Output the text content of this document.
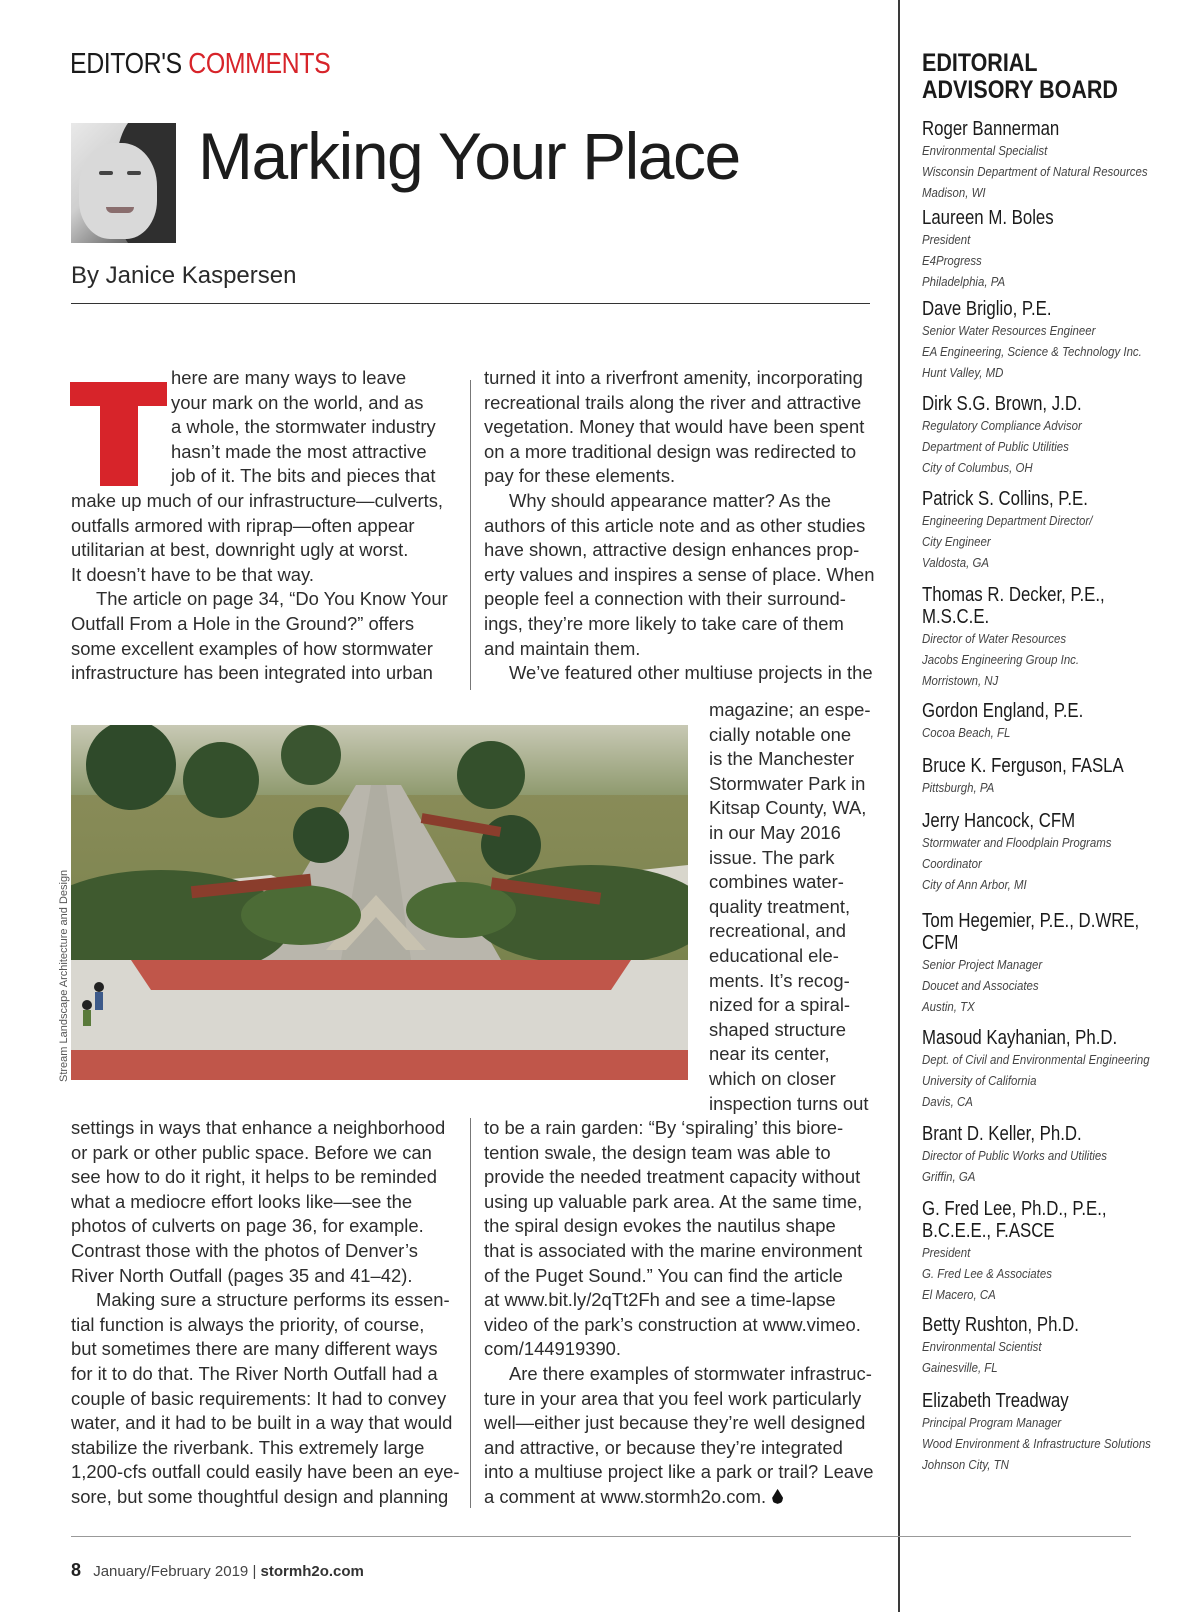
EDITOR'S COMMENTS
Marking Your Place
By Janice Kaspersen
here are many ways to leave
your mark on the world, and as
a whole, the stormwater industry
hasn’t made the most attractive
job of it. The bits and pieces that
make up much of our infrastructure—culverts,
outfalls armored with riprap—often appear
utilitarian at best, downright ugly at worst.
It doesn’t have to be that way.
The article on page 34, “Do You Know Your
Outfall From a Hole in the Ground?” offers
some excellent examples of how stormwater
infrastructure has been integrated into urban
turned it into a riverfront amenity, incorporating
recreational trails along the river and attractive
vegetation. Money that would have been spent
on a more traditional design was redirected to
pay for these elements.
Why should appearance matter? As the
authors of this article note and as other studies
have shown, attractive design enhances prop-
erty values and inspires a sense of place. When
people feel a connection with their surround-
ings, they’re more likely to take care of them
and maintain them.
We’ve featured other multiuse projects in the
magazine; an espe-
cially notable one
is the Manchester
Stormwater Park in
Kitsap County, WA,
in our May 2016
issue. The park
combines water-
quality treatment,
recreational, and
educational ele-
ments. It’s recog-
nized for a spiral-
shaped structure
near its center,
which on closer
inspection turns out
Stream Landscape Architecture and Design
settings in ways that enhance a neighborhood
or park or other public space. Before we can
see how to do it right, it helps to be reminded
what a mediocre effort looks like—see the
photos of culverts on page 36, for example.
Contrast those with the photos of Denver’s
River North Outfall (pages 35 and 41–42).
Making sure a structure performs its essen-
tial function is always the priority, of course,
but sometimes there are many different ways
for it to do that. The River North Outfall had a
couple of basic requirements: It had to convey
water, and it had to be built in a way that would
stabilize the riverbank. This extremely large
1,200-cfs outfall could easily have been an eye-
sore, but some thoughtful design and planning
to be a rain garden: “By ‘spiraling’ this biore-
tention swale, the design team was able to
provide the needed treatment capacity without
using up valuable park area. At the same time,
the spiral design evokes the nautilus shape
that is associated with the marine environment
of the Puget Sound.” You can find the article
at www.bit.ly/2qTt2Fh and see a time-lapse
video of the park’s construction at www.vimeo.
com/144919390.
Are there examples of stormwater infrastruc-
ture in your area that you feel work particularly
well—either just because they’re well designed
and attractive, or because they’re integrated
into a multiuse project like a park or trail? Leave
a comment at www.stormh2o.com.
8 January/February 2019 | stormh2o.com
EDITORIAL
ADVISORY BOARD
Roger Bannerman
Environmental Specialist
Wisconsin Department of Natural Resources
Madison, WI
Laureen M. Boles
President
E4Progress
Philadelphia, PA
Dave Briglio, P.E.
Senior Water Resources Engineer
EA Engineering, Science & Technology Inc.
Hunt Valley, MD
Dirk S.G. Brown, J.D.
Regulatory Compliance Advisor
Department of Public Utilities
City of Columbus, OH
Patrick S. Collins, P.E.
Engineering Department Director/
City Engineer
Valdosta, GA
Thomas R. Decker, P.E.,
M.S.C.E.
Director of Water Resources
Jacobs Engineering Group Inc.
Morristown, NJ
Gordon England, P.E.
Cocoa Beach, FL
Bruce K. Ferguson, FASLA
Pittsburgh, PA
Jerry Hancock, CFM
Stormwater and Floodplain Programs
Coordinator
City of Ann Arbor, MI
Tom Hegemier, P.E., D.WRE,
CFM
Senior Project Manager
Doucet and Associates
Austin, TX
Masoud Kayhanian, Ph.D.
Dept. of Civil and Environmental Engineering
University of California
Davis, CA
Brant D. Keller, Ph.D.
Director of Public Works and Utilities
Griffin, GA
G. Fred Lee, Ph.D., P.E.,
B.C.E.E., F.ASCE
President
G. Fred Lee & Associates
El Macero, CA
Betty Rushton, Ph.D.
Environmental Scientist
Gainesville, FL
Elizabeth Treadway
Principal Program Manager
Wood Environment & Infrastructure Solutions
Johnson City, TN
